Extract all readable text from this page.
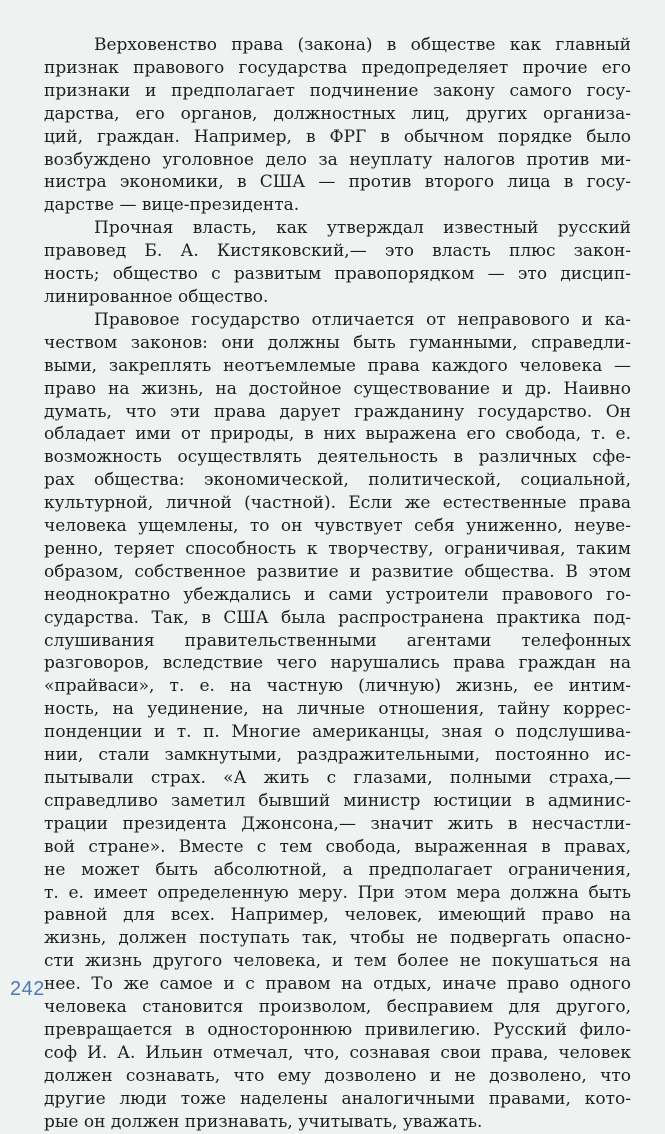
Верховенство права (закона) в обществе как главный
признак правового государства предопределяет прочие его
признаки и предполагает подчинение закону самого госу-
дарства, его органов, должностных лиц, других организа-
ций, граждан. Например, в ФРГ в обычном порядке было
возбуждено уголовное дело за неуплату налогов против ми-
нистра экономики, в США — против второго лица в госу-
дарстве — вице-президента.

Прочная власть, как утверждал известный русский
правовед Б. А. Кистяковский,— это власть плюс закон-
ность; общество с развитым правопорядком — это дисцип-
линированное общество.

Правовое государство отличается от неправового и ка-
чеством законов: они должны быть гуманными, справедли-
выми, закреплять неотъемлемые права каждого человека —
право на жизнь, на достойное существование и др. Наивно
думать, что эти права дарует гражданину государство. Он
обладает ими от природы, в них выражена его свобода, т. е.
возможность осуществлять деятельность в различных сфе-
рах общества: экономической, политической, социальной,
культурной, личной (частной). Если же естественные права
человека ущемлены, то он чувствует себя униженно, неуве-
ренно, теряет способность к творчеству, ограничивая, таким
образом, собственное развитие и развитие общества. В этом
неоднократно убеждались и сами устроители правового го-
сударства. Так, в США была распространена практика под-
слушивания правительственными агентами телефонных
разговоров, вследствие чего нарушались права граждан на
«прайваси», т. е. на частную (личную) жизнь, ее интим-
ность, на уединение, на личные отношения, тайну коррес-
понденции и т. п. Многие американцы, зная о подслушива-
нии, стали замкнутыми, раздражительными, постоянно ис-
пытывали страх. «А жить с глазами, полными страха,—
справедливо заметил бывший министр юстиции в админис-
трации президента Джонсона,— значит жить в несчастли-
вой стране». Вместе с тем свобода, выраженная в правах,
не может быть абсолютной, а предполагает ограничения,
т. е. имеет определенную меру. При этом мера должна быть
равной для всех. Например, человек, имеющий право на
жизнь, должен поступать так, чтобы не подвергать опасно-
сти жизнь другого человека, и тем более не покушаться на
нее. То же самое и с правом на отдых, иначе право одного
человека становится произволом, бесправием для другого,
превращается в одностороннюю привилегию. Русский фило-
соф И. А. Ильин отмечал, что, сознавая свои права, человек
должен сознавать, что ему дозволено и не дозволено, что
другие люди тоже наделены аналогичными правами, кото-
рые он должен признавать, учитывать, уважать.

242
